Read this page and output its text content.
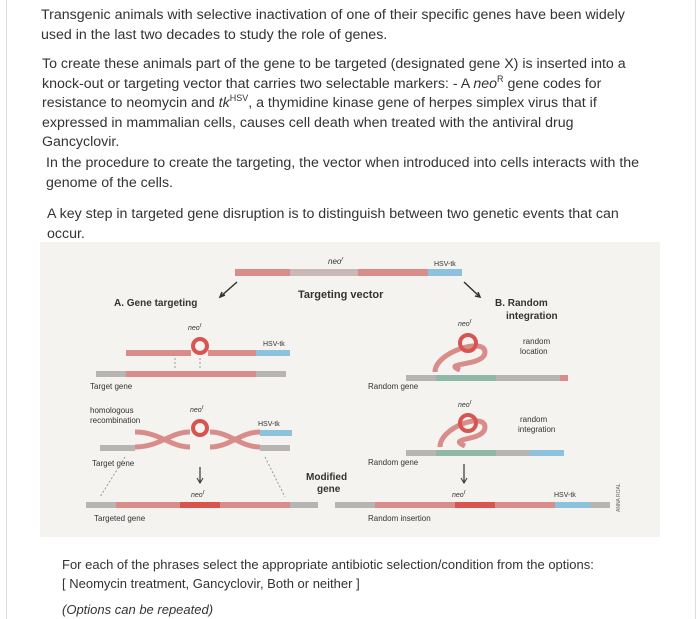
Transgenic animals with selective inactivation of one of their specific genes have been widely used in the last two decades to study the role of genes.

To create these animals part of the gene to be targeted (designated gene X) is inserted into a knock-out or targeting vector that carries two selectable markers: - A neo$^R$ gene codes for resistance to neomycin and $tk^{HSV}$, a thymidine kinase gene of herpes simplex virus that if expressed in mammalian cells, causes cell death when treated with the antiviral drug Gancyclovir.

In the procedure to create the targeting, the vector when introduced into cells interacts with the genome of the cells.

A key step in targeted gene disruption is to distinguish between two genetic events that can occur.

neo$^r$
HSV-tk
Targeting vector
A. Gene targeting	B. Random
integration
neor
HSV-tk
Target gene
homologous
recombination
neor
HSV-tk
Target gene
neor
Targeted gene
Modified
gene
neor
random
location
Random gene
neor
random
integration
Random gene
neor	HSV-tk
Random insertion
ANNA ROAL
For each of the phrases select the appropriate antibiotic selection/condition from the options:
[ Neomycin treatment, Gancyclovir, Both or neither ]
(Options can be repeated)
